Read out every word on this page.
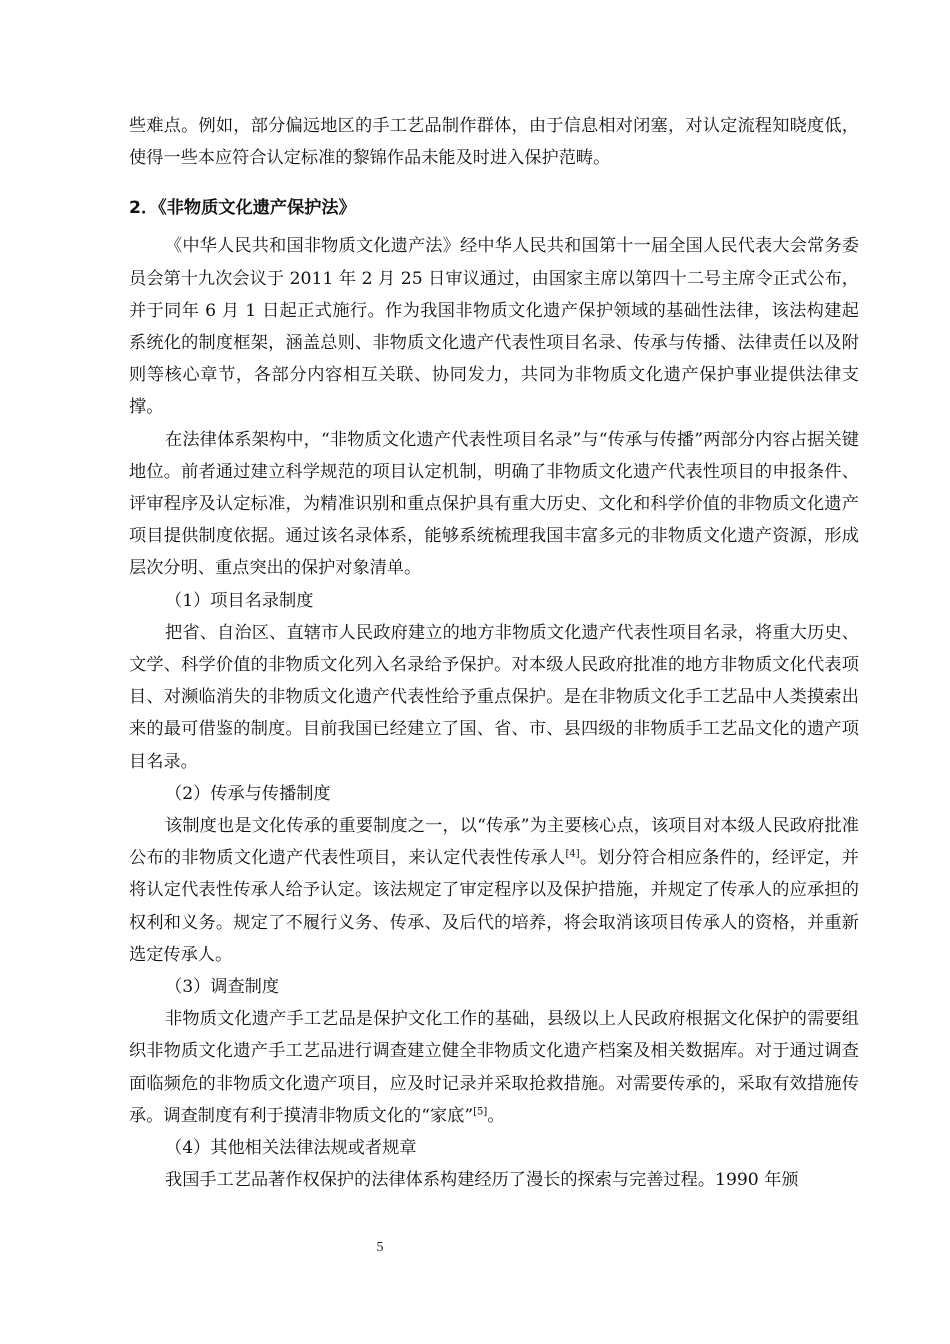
些难点。例如，部分偏远地区的手工艺品制作群体，由于信息相对闭塞，对认定流程知晓度低，使得一些本应符合认定标准的黎锦作品未能及时进入保护范畴。

2．《非物质文化遗产保护法》

《中华人民共和国非物质文化遗产法》经中华人民共和国第十一届全国人民代表大会常务委员会第十九次会议于 2011 年 2 月 25 日审议通过，由国家主席以第四十二号主席令正式公布，并于同年 6 月 1 日起正式施行。作为我国非物质文化遗产保护领域的基础性法律，该法构建起系统化的制度框架，涵盖总则、非物质文化遗产代表性项目名录、传承与传播、法律责任以及附则等核心章节，各部分内容相互关联、协同发力，共同为非物质文化遗产保护事业提供法律支撑。

在法律体系架构中，“非物质文化遗产代表性项目名录”与“传承与传播”两部分内容占据关键地位。前者通过建立科学规范的项目认定机制，明确了非物质文化遗产代表性项目的申报条件、评审程序及认定标准，为精准识别和重点保护具有重大历史、文化和科学价值的非物质文化遗产项目提供制度依据。通过该名录体系，能够系统梳理我国丰富多元的非物质文化遗产资源，形成层次分明、重点突出的保护对象清单。

（1）项目名录制度

把省、自治区、直辖市人民政府建立的地方非物质文化遗产代表性项目名录，将重大历史、文学、科学价值的非物质文化列入名录给予保护。对本级人民政府批准的地方非物质文化代表项目、对濒临消失的非物质文化遗产代表性给予重点保护。是在非物质文化手工艺品中人类摸索出来的最可借鉴的制度。目前我国已经建立了国、省、市、县四级的非物质手工艺品文化的遗产项目名录。

（2）传承与传播制度

该制度也是文化传承的重要制度之一，以“传承”为主要核心点，该项目对本级人民政府批准公布的非物质文化遗产代表性项目，来认定代表性传承人[4]。划分符合相应条件的，经评定，并将认定代表性传承人给予认定。该法规定了审定程序以及保护措施，并规定了传承人的应承担的权利和义务。规定了不履行义务、传承、及后代的培养，将会取消该项目传承人的资格，并重新选定传承人。

（3）调查制度

非物质文化遗产手工艺品是保护文化工作的基础，县级以上人民政府根据文化保护的需要组织非物质文化遗产手工艺品进行调查建立健全非物质文化遗产档案及相关数据库。对于通过调查面临频危的非物质文化遗产项目，应及时记录并采取抢救措施。对需要传承的，采取有效措施传承。调查制度有利于摸清非物质文化的“家底”[5]。

（4）其他相关法律法规或者规章

我国手工艺品著作权保护的法律体系构建经历了漫长的探索与完善过程。1990 年颁

5
